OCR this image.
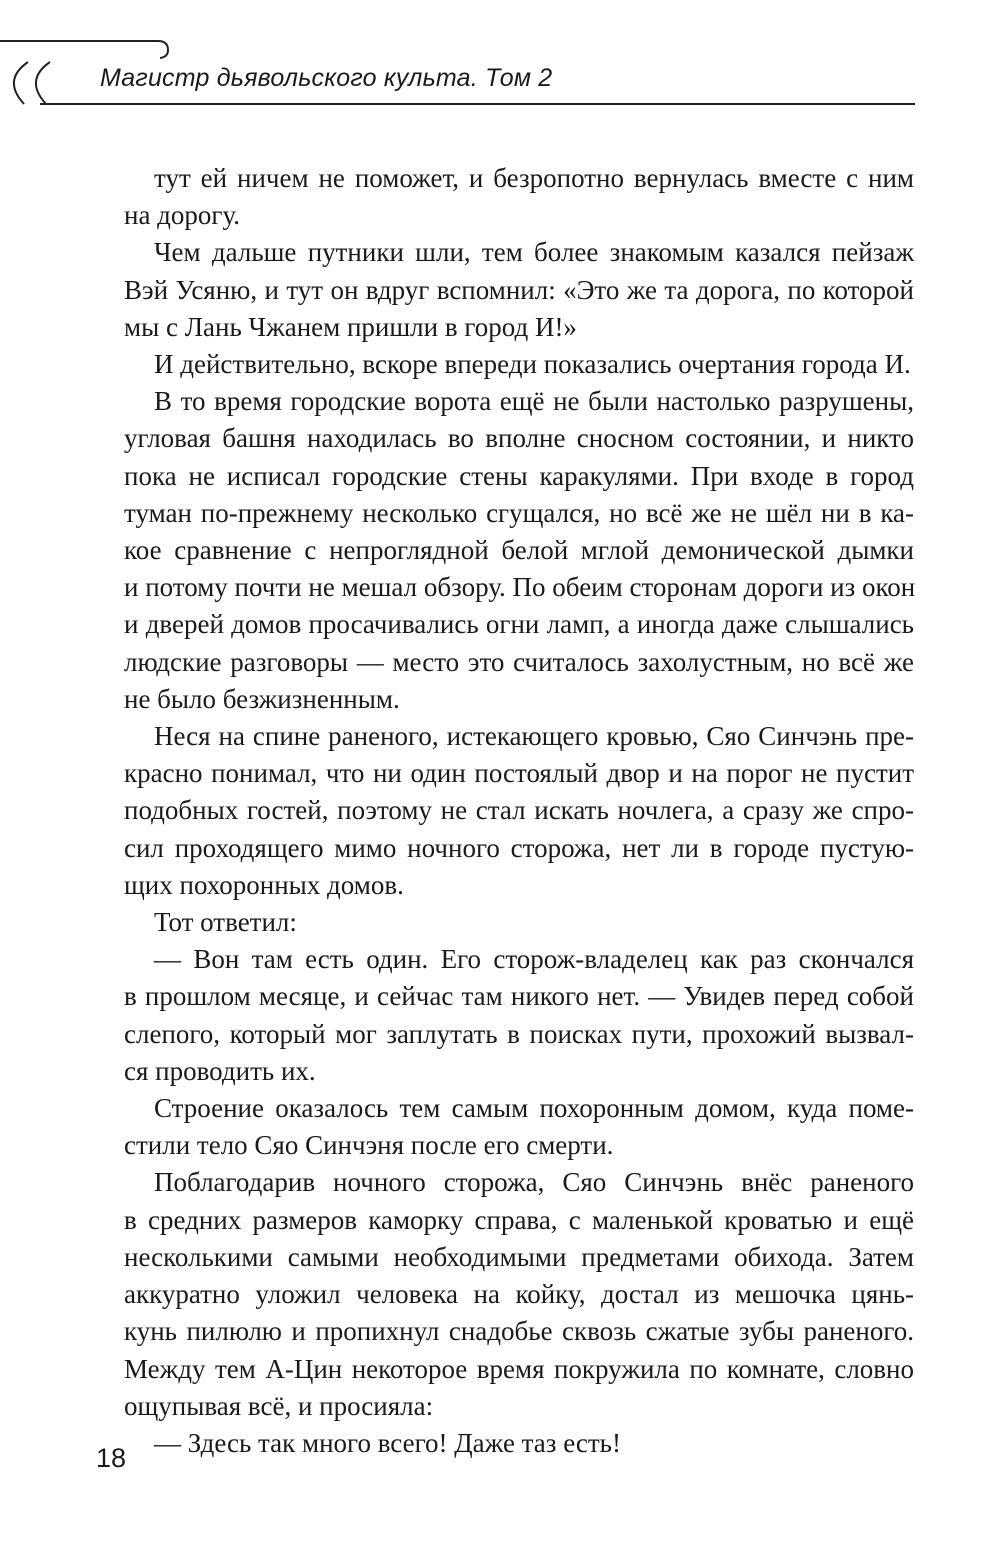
Магистр дьявольского культа. Том 2
тут ей ничем не поможет, и безропотно вернулась вместе с ним
на дорогу.
Чем дальше путники шли, тем более знакомым казался пейзаж
Вэй Усяню, и тут он вдруг вспомнил: «Это же та дорога, по которой
мы с Лань Чжанем пришли в город И!»
И действительно, вскоре впереди показались очертания города И.
В то время городские ворота ещё не были настолько разрушены,
угловая башня находилась во вполне сносном состоянии, и никто
пока не исписал городские стены каракулями. При входе в город
туман по-прежнему несколько сгущался, но всё же не шёл ни в ка-
кое сравнение с непроглядной белой мглой демонической дымки
и потому почти не мешал обзору. По обеим сторонам дороги из окон
и дверей домов просачивались огни ламп, а иногда даже слышались
людские разговоры — место это считалось захолустным, но всё же
не было безжизненным.
Неся на спине раненого, истекающего кровью, Сяо Синчэнь пре-
красно понимал, что ни один постоялый двор и на порог не пустит
подобных гостей, поэтому не стал искать ночлега, а сразу же спро-
сил проходящего мимо ночного сторожа, нет ли в городе пустую-
щих похоронных домов.
Тот ответил:
— Вон там есть один. Его сторож-владелец как раз скончался
в прошлом месяце, и сейчас там никого нет. — Увидев перед собой
слепого, который мог заплутать в поисках пути, прохожий вызвал-
ся проводить их.
Строение оказалось тем самым похоронным домом, куда поме-
стили тело Сяо Синчэня после его смерти.
Поблагодарив ночного сторожа, Сяо Синчэнь внёс раненого
в средних размеров каморку справа, с маленькой кроватью и ещё
несколькими самыми необходимыми предметами обихода. Затем
аккуратно уложил человека на койку, достал из мешочка цянь-
кунь пилюлю и пропихнул снадобье сквозь сжатые зубы раненого.
Между тем А-Цин некоторое время покружила по комнате, словно
ощупывая всё, и просияла:
— Здесь так много всего! Даже таз есть!
18
